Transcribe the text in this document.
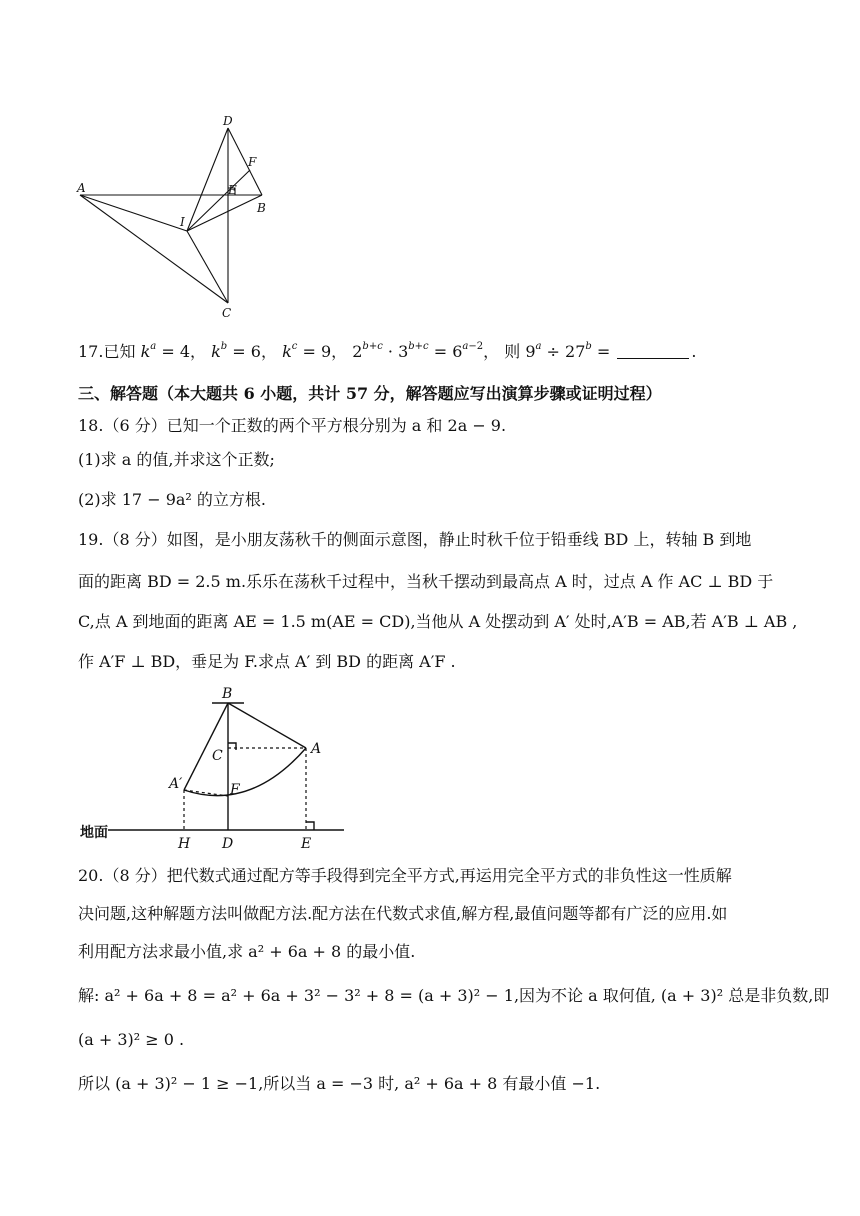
D
F
A	E
B
I
C
17.已知 $k^a = 4$， $k^b = 6$， $k^c = 9$， $2^{b+c} \cdot 3^{b+c} = 6^{a-2}$， 则 $9^a \div 27^b$ =	.
三、解答题（本大题共 6 小题，共计 57 分，解答题应写出演算步骤或证明过程）
18.（6 分）已知一个正数的两个平方根分别为 a 和 2a − 9.
(1)求 a 的值,并求这个正数;
(2)求 17 − 9a² 的立方根.
19.（8 分）如图，是小朋友荡秋千的侧面示意图，静止时秋千位于铅垂线 BD 上，转轴 B 到地
面的距离 BD = 2.5 m.乐乐在荡秋千过程中，当秋千摆动到最高点 A 时，过点 A 作 AC ⊥ BD 于
C,点 A 到地面的距离 AE = 1.5 m(AE = CD),当他从 A 处摆动到 A′ 处时,A′B = AB,若 A′B ⊥ AB ,
作 A′F ⊥ BD，垂足为 F.求点 A′ 到 BD 的距离 A′F .
B
C	A
A′	F
H D	E
地面
20.（8 分）把代数式通过配方等手段得到完全平方式,再运用完全平方式的非负性这一性质解
决问题,这种解题方法叫做配方法.配方法在代数式求值,解方程,最值问题等都有广泛的应用.如
利用配方法求最小值,求 a² + 6a + 8 的最小值.
解: a² + 6a + 8 = a² + 6a + 3² − 3² + 8 = (a + 3)² − 1,因为不论 a 取何值, (a + 3)² 总是非负数,即
(a + 3)² ≥ 0 .
所以 (a + 3)² − 1 ≥ −1,所以当 a = −3 时, a² + 6a + 8 有最小值 −1.
